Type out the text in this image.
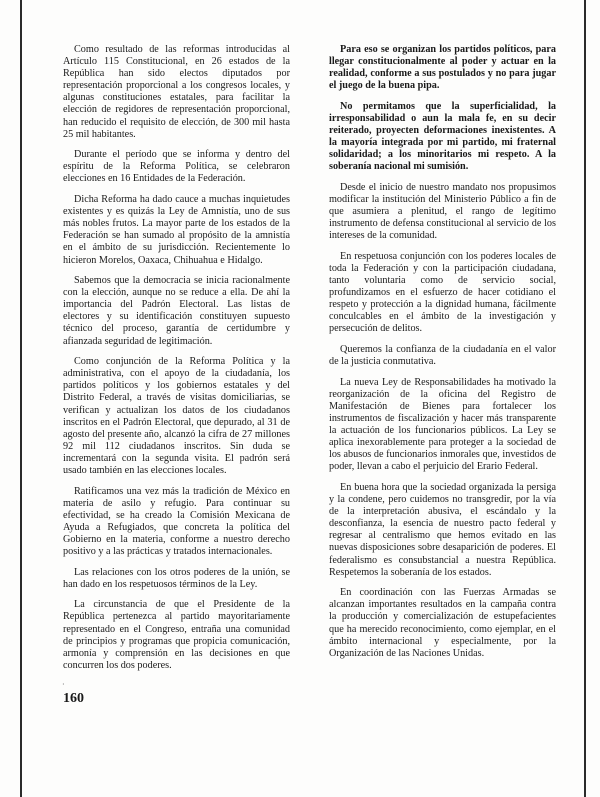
Como resultado de las reformas introducidas al Artículo 115 Constitucional, en 26 estados de la República han sido electos diputados por representación proporcional a los congresos locales, y algunas constituciones estatales, para facilitar la elección de regidores de representación proporcional, han reducido el requisito de elección, de 300 mil hasta 25 mil habitantes.

Durante el período que se informa y dentro del espíritu de la Reforma Política, se celebraron elecciones en 16 Entidades de la Federación.

Dicha Reforma ha dado cauce a muchas inquietudes existentes y es quizás la Ley de Amnistía, uno de sus más nobles frutos. La mayor parte de los estados de la Federación se han sumado al propósito de la amnistía en el ámbito de su jurisdicción. Recientemente lo hicieron Morelos, Oaxaca, Chihuahua e Hidalgo.

Sabemos que la democracia se inicia racionalmente con la elección, aunque no se reduce a ella. De ahí la importancia del Padrón Electoral. Las listas de electores y su identificación constituyen supuesto técnico del proceso, garantía de certidumbre y afianzada seguridad de legitimación.

Como conjunción de la Reforma Política y la administrativa, con el apoyo de la ciudadanía, los partidos políticos y los gobiernos estatales y del Distrito Federal, a través de visitas domiciliarias, se verifican y actualizan los datos de los ciudadanos inscritos en el Padrón Electoral, que depurado, al 31 de agosto del presente año, alcanzó la cifra de 27 millones 92 mil 112 ciudadanos inscritos. Sin duda se incrementará con la segunda visita. El padrón será usado también en las elecciones locales.

Ratificamos una vez más la tradición de México en materia de asilo y refugio. Para continuar su efectividad, se ha creado la Comisión Mexicana de Ayuda a Refugiados, que concreta la política del Gobierno en la materia, conforme a nuestro derecho positivo y a las prácticas y tratados internacionales.

Las relaciones con los otros poderes de la unión, se han dado en los respetuosos términos de la Ley.

La circunstancia de que el Presidente de la República pertenezca al partido mayoritariamente representado en el Congreso, entraña una comunidad de principios y programas que propicia comunicación, armonía y comprensión en las decisiones en que concurren los dos poderes.

Para eso se organizan los partidos políticos, para llegar constitucionalmente al poder y actuar en la realidad, conforme a sus postulados y no para jugar el juego de la buena pipa.

No permitamos que la superficialidad, la irresponsabilidad o aun la mala fe, en su decir reiterado, proyecten deformaciones inexistentes. A la mayoría integrada por mi partido, mi fraternal solidaridad; a los minoritarios mi respeto. A la soberanía nacional mi sumisión.

Desde el inicio de nuestro mandato nos propusimos modificar la institución del Ministerio Público a fin de que asumiera a plenitud, el rango de legítimo instrumento de defensa constitucional al servicio de los intereses de la comunidad.

En respetuosa conjunción con los poderes locales de toda la Federación y con la participación ciudadana, tanto voluntaria como de servicio social, profundizamos en el esfuerzo de hacer cotidiano el respeto y protección a la dignidad humana, fácilmente conculcables en el ámbito de la investigación y persecución de delitos.

Queremos la confianza de la ciudadanía en el valor de la justicia conmutativa.

La nueva Ley de Responsabilidades ha motivado la reorganización de la oficina del Registro de Manifestación de Bienes para fortalecer los instrumentos de fiscalización y hacer más transparente la actuación de los funcionarios públicos. La Ley se aplica inexorablemente para proteger a la sociedad de los abusos de funcionarios inmorales que, investidos de poder, llevan a cabo el perjuicio del Erario Federal.

En buena hora que la sociedad organizada la persiga y la condene, pero cuidemos no transgredir, por la vía de la interpretación abusiva, el escándalo y la desconfianza, la esencia de nuestro pacto federal y regresar al centralismo que hemos evitado en las nuevas disposiciones sobre desaparición de poderes. El federalismo es consubstancial a nuestra República. Respetemos la soberanía de los estados.

En coordinación con las Fuerzas Armadas se alcanzan importantes resultados en la campaña contra la producción y comercialización de estupefacientes que ha merecido reconocimiento, como ejemplar, en el ámbito internacional y especialmente, por la Organización de las Naciones Unidas.

·
160
